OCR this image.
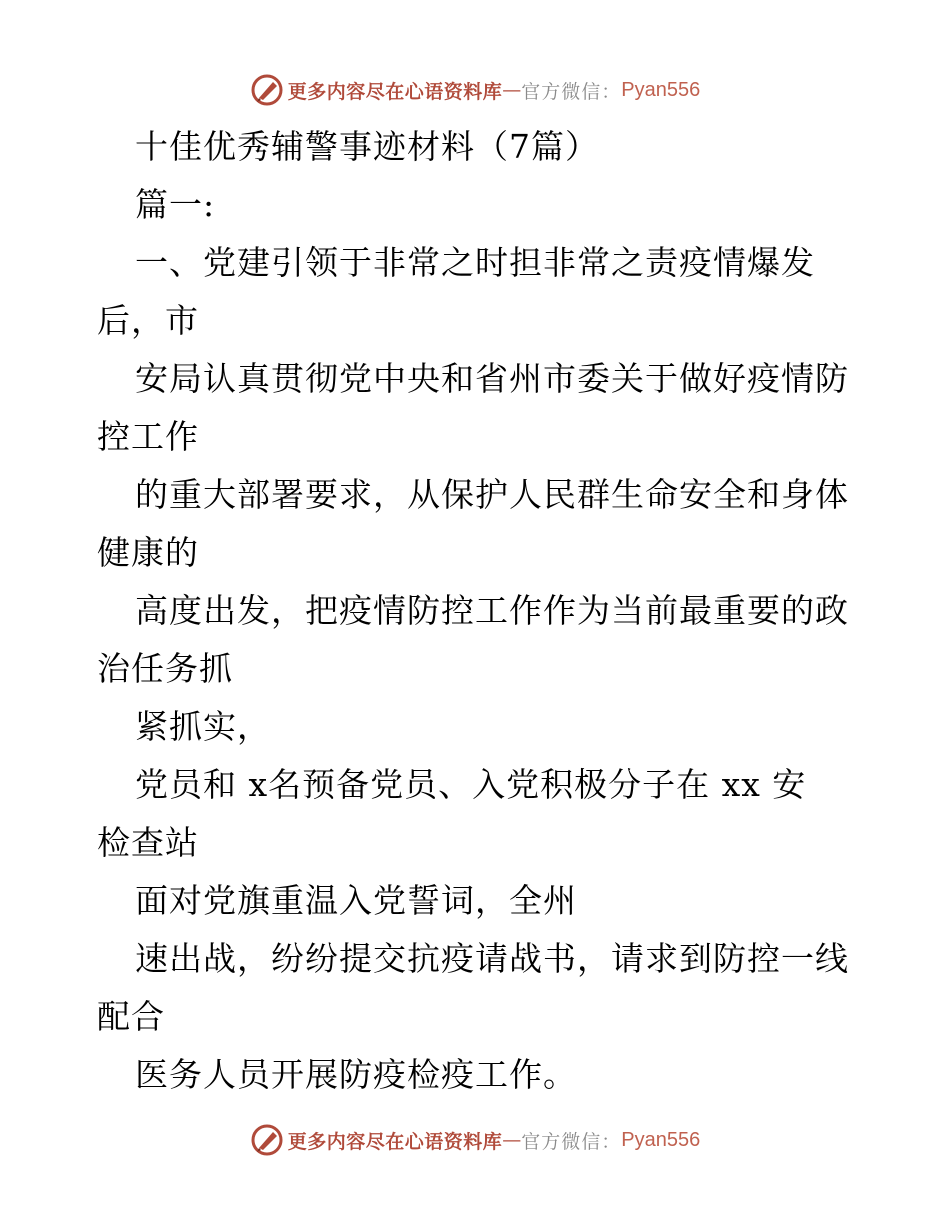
更多内容尽在心语资料库 — 官方微信： Pyan556
十佳优秀辅警事迹材料（7篇）
篇一:
一、党建引领于非常之时担非常之责疫情爆发
后，市
安局认真贯彻党中央和省州市委关于做好疫情防
控工作
的重大部署要求，从保护人民群生命安全和身体
健康的
高度出发，把疫情防控工作作为当前最重要的政
治任务抓
紧抓实，
党员和 x名预备党员、入党积极分子在 xx 安
检查站
面对党旗重温入党誓词，全州
速出战，纷纷提交抗疫请战书，请求到防控一线
配合
医务人员开展防疫检疫工作。
更多内容尽在心语资料库 — 官方微信： Pyan556
